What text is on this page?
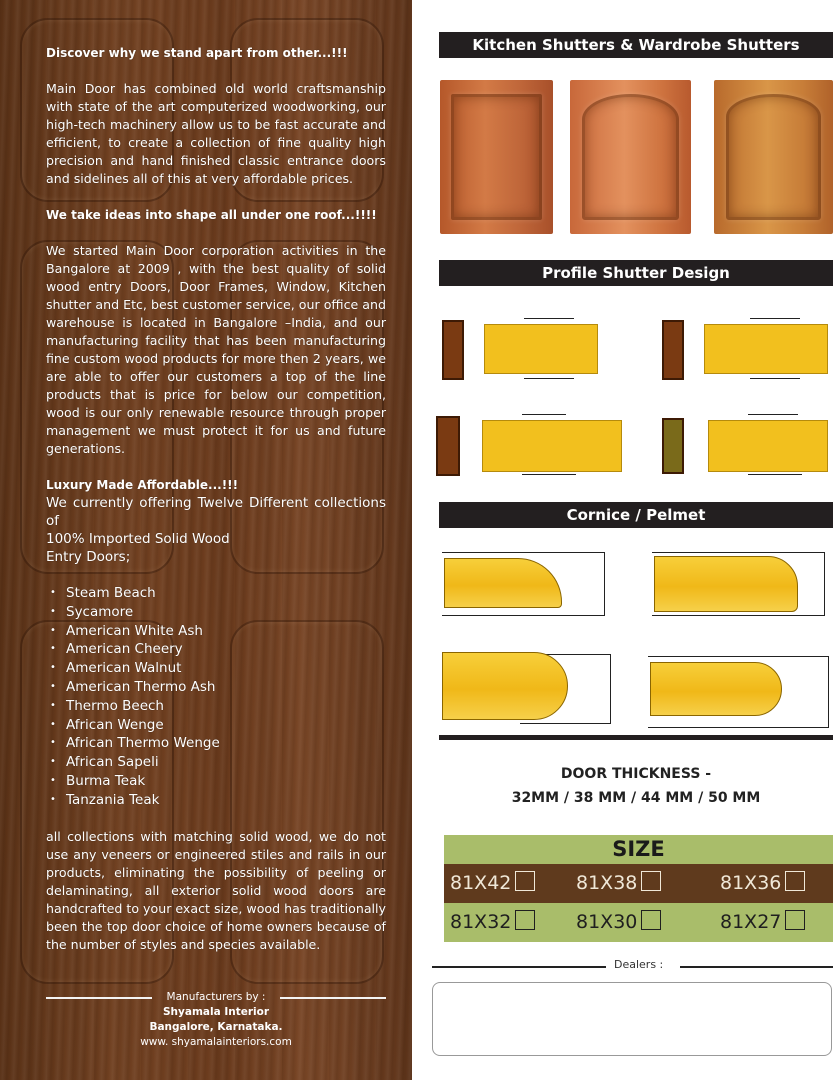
Discover why we stand apart from other...!!!

Main Door has combined old world craftsmanship with state of the art computerized woodworking, our high-tech machinery allow us to be fast accurate and efficient, to create a collection of fine quality high precision and hand finished classic entrance doors and sidelines all of this at very affordable prices.

We take ideas into shape all under one roof...!!!!

We started Main Door corporation activities in the Bangalore at 2009 , with the best quality of solid wood entry Doors, Door Frames, Window, Kitchen shutter and Etc, best customer service, our office and warehouse is located in Bangalore –India, and our manufacturing facility that has been manufacturing fine custom wood products for more then 2 years, we are able to offer our customers a top of the line products that is price for below our competition, wood is our only renewable resource through proper management we must protect it for us and future generations.

Luxury Made Affordable...!!!

We currently offering Twelve Different collections of

100% Imported Solid Wood

Entry Doors;

• Steam Beach
• Sycamore
• American White Ash
• American Cheery
• American Walnut
• American Thermo Ash
• Thermo Beech
• African Wenge
• African Thermo Wenge
• African Sapeli
• Burma Teak
• Tanzania Teak

all collections with matching solid wood, we do not use any veneers or engineered stiles and rails in our products, eliminating the possibility of peeling or delaminating, all exterior solid wood doors are handcrafted to your exact size, wood has traditionally been the top door choice of home owners because of the number of styles and species available.

Manufacturers by :
Shyamala Interior
Bangalore, Karnataka.
www. shyamalainteriors.com
Kitchen Shutters & Wardrobe Shutters
Profile Shutter Design
Cornice / Pelmet
DOOR THICKNESS -
32MM / 38 MM / 44 MM / 50 MM
SIZE
81X42	81X38	81X36
81X32	81X30	81X27
Dealers :
